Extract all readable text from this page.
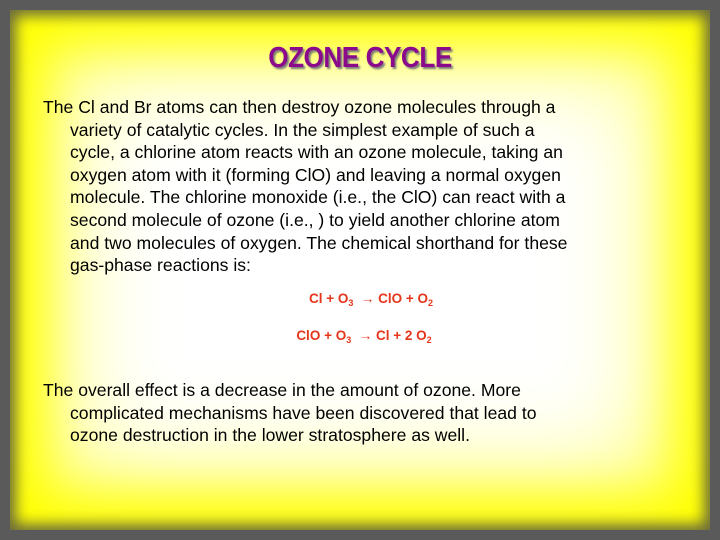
OZONE CYCLE
The Cl and Br atoms can then destroy ozone molecules through a
variety of catalytic cycles. In the simplest example of such a
cycle, a chlorine atom reacts with an ozone molecule, taking an
oxygen atom with it (forming ClO) and leaving a normal oxygen
molecule. The chlorine monoxide (i.e., the ClO) can react with a
second molecule of ozone (i.e., ) to yield another chlorine atom
and two molecules of oxygen. The chemical shorthand for these
gas-phase reactions is:
$Cl + O_3$ → ClO + $O_2$
ClO + $O_3 \to Cl + 2$ $O_2$
The overall effect is a decrease in the amount of ozone. More
complicated mechanisms have been discovered that lead to
ozone destruction in the lower stratosphere as well.
